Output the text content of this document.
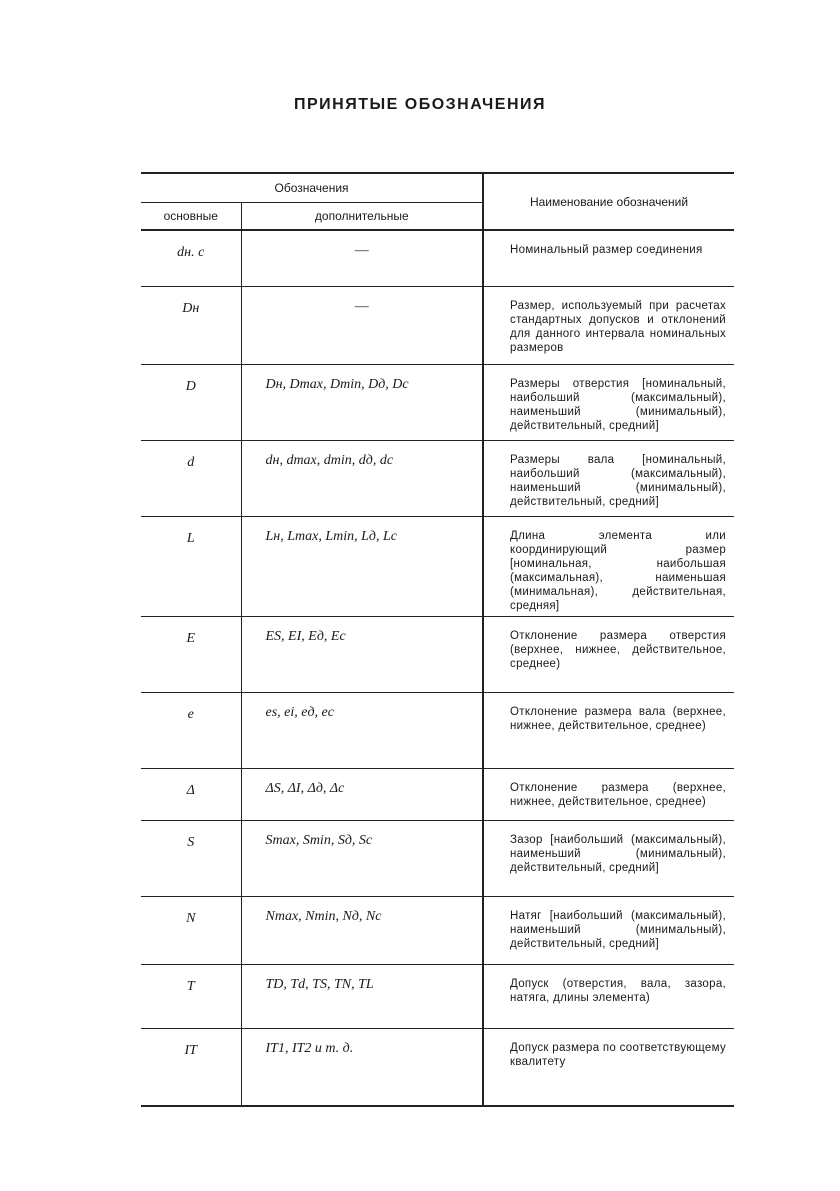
ПРИНЯТЫЕ ОБОЗНАЧЕНИЯ
Обозначения		Наименование обозначений
основные	дополнительные	
dн. с	—	Номинальный размер соединения
Dн	—	Размер, используемый при расчетах стандартных допусков и отклонений для данного интервала номинальных размеров
D	Dн, Dmax, Dmin, Dд, Dс	Размеры отверстия [номинальный, наибольший (максимальный), наименьший (минимальный), действительный, средний]
d	dн, dmax, dmin, dд, dс	Размеры вала [номинальный, наибольший (максимальный), наименьший (минимальный), действительный, средний]
L	Lн, Lmax, Lmin, Lд, Lс	Длина элемента или координирующий размер [номинальная, наибольшая (максимальная), наименьшая (минимальная), действительная, средняя]
E	ES, EI, Eд, Eс	Отклонение размера отверстия (верхнее, нижнее, действительное, среднее)
e	es, ei, eд, eс	Отклонение размера вала (верхнее, нижнее, действительное, среднее)
Δ	ΔS, ΔI, Δд, Δс	Отклонение размера (верхнее, нижнее, действительное, среднее)
S	Smax, Smin, Sд, Sс	Зазор [наибольший (максимальный), наименьший (минимальный), действительный, средний]
N	Nmax, Nmin, Nд, Nс	Натяг [наибольший (максимальный), наименьший (минимальный), действительный, средний]
T	TD, Td, TS, TN, TL	Допуск (отверстия, вала, зазора, натяга, длины элемента)
IT	IT1, IT2 и т. д.	Допуск размера по соответствующему квалитету
